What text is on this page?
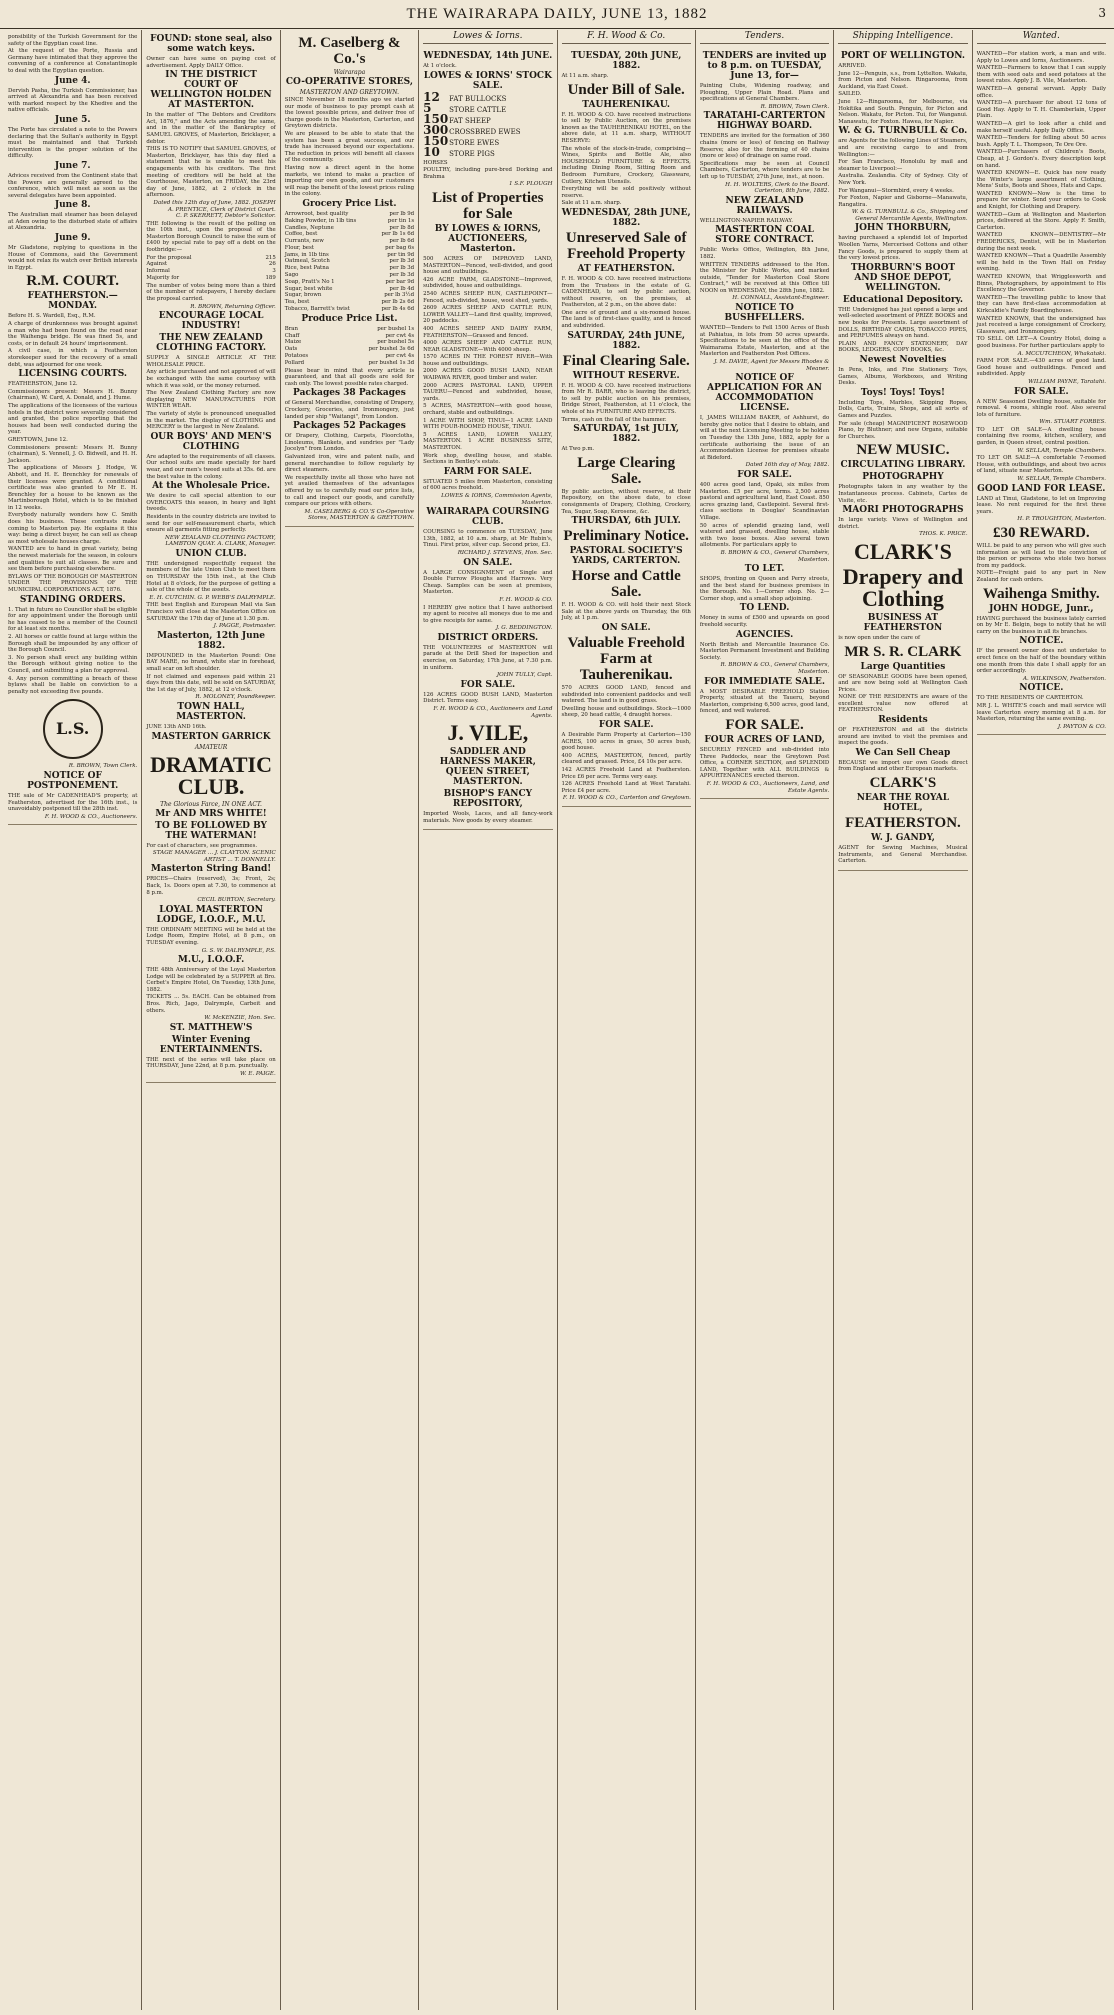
THE WAIRARAPA DAILY, JUNE 13, 1882	3
ponsibility of the Turkish Government for the safety of the Egyptian coast line.
At the request of the Porte, Russia and Germany have intimated that they approve the convening of a conference at Constantinople to deal with the Egyptian question.
June 4.
Dervish Pasha, the Turkish Commissioner, has arrived at Alexandria and has been received with marked respect by the Khedive and the native officials.
June 5.
The Porte has circulated a note to the Powers declaring that the Sultan's authority in Egypt must be maintained and that Turkish intervention is the proper solution of the difficulty.
June 7.
Advices received from the Continent state that the Powers are generally agreed to the conference, which will meet as soon as the several delegates have been appointed.
June 8.
The Australian mail steamer has been delayed at Aden owing to the disturbed state of affairs at Alexandria.
June 9.
Mr Gladstone, replying to questions in the House of Commons, said the Government would not relax its watch over British interests in Egypt.
R.M. COURT.
FEATHERSTON.—MONDAY.
Before H. S. Wardell, Esq., R.M.
A charge of drunkenness was brought against a man who had been found on the road near the Waihenga bridge. He was fined 5s, and costs, or in default 24 hours' imprisonment.
A civil case, in which a Featherston storekeeper sued for the recovery of a small debt, was adjourned for one week.
LICENSING COURTS.
FEATHERSTON, June 12.
Commissioners present: Messrs H. Bunny (chairman), W. Card, A. Donald, and J. Hume.
The applications of the licensees of the various hotels in the district were severally considered and granted, the police reporting that the houses had been well conducted during the year.
GREYTOWN, June 12.
Commissioners present: Messrs H. Bunny (chairman), S. Vennell, J. O. Bidwell, and H. H. Jackson.
The applications of Messrs J. Hodge, W. Abbott, and H. E. Brenchley for renewals of their licenses were granted. A conditional certificate was also granted to Mr E. H. Brenchley for a house to be known as the Martinborough Hotel, which is to be finished in 12 weeks.
Everybody naturally wonders how C. Smith does his business. These contrasts make coming to Masterton pay. He explains it this way: being a direct buyer, he can sell as cheap as most wholesale houses charge.
WANTED are to hand in great variety, being the newest materials for the season, in colours and qualities to suit all classes. Be sure and see them before purchasing elsewhere.
BYLAWS OF THE BOROUGH OF MASTERTON UNDER THE PROVISIONS OF THE MUNICIPAL CORPORATIONS ACT, 1876.
STANDING ORDERS.
1. That in future no Councillor shall be eligible for any appointment under the Borough until he has ceased to be a member of the Council for at least six months.
2. All horses or cattle found at large within the Borough shall be impounded by any officer of the Borough Council.
3. No person shall erect any building within the Borough without giving notice to the Council, and submitting a plan for approval.
4. Any person committing a breach of these bylaws shall be liable on conviction to a penalty not exceeding five pounds.
L.S.
R. BROWN, Town Clerk.
NOTICE OF POSTPONEMENT.
THE sale of Mr CADENHEAD'S property, at Featherston, advertised for the 16th inst., is unavoidably postponed till the 28th inst.
F. H. WOOD & CO., Auctioneers.
FOUND: stone seal, also some watch keys.
Owner can have same on paying cost of advertisement. Apply DAILY Office.
IN THE DISTRICT COURT OF WELLINGTON HOLDEN AT MASTERTON.
In the matter of "The Debtors and Creditors Act, 1876," and the Acts amending the same, and in the matter of the Bankruptcy of SAMUEL GROVES, of Masterton, Bricklayer, a debtor.
THIS IS TO NOTIFY that SAMUEL GROVES, of Masterton, Bricklayer, has this day filed a statement that he is unable to meet his engagements with his creditors. The first meeting of creditors will be held at the Courthouse, Masterton, on FRIDAY, the 23rd day of June, 1882, at 2 o'clock in the afternoon.
Dated this 12th day of June, 1882. JOSEPH A. PRENTICE, Clerk of District Court.
C. P. SKERRETT, Debtor's Solicitor.
THE following is the result of the polling on the 10th inst., upon the proposal of the Masterton Borough Council to raise the sum of £400 by special rate to pay off a debt on the footbridge:—
For the proposal	215
Against	26
Informal	3
Majority for	189
The number of votes being more than a third of the number of ratepayers, I hereby declare the proposal carried.
R. BROWN, Returning Officer.
ENCOURAGE LOCAL INDUSTRY!
THE NEW ZEALAND CLOTHING FACTORY.
SUPPLY A SINGLE ARTICLE AT THE WHOLESALE PRICE.
Any article purchased and not approved of will be exchanged with the same courtesy with which it was sold, or the money returned.
The New Zealand Clothing Factory are now displaying NEW MANUFACTURES FOR WINTER WEAR.
The variety of style is pronounced unequalled in the market. The display of CLOTHING and MERCERY is the largest in New Zealand.
OUR BOYS' AND MEN'S CLOTHING
Are adapted to the requirements of all classes. Our school suits are made specially for hard wear, and our men's tweed suits at 35s. 6d. are the best value in the colony.
At the Wholesale Price.
We desire to call special attention to our OVERCOATS this season, in heavy and light tweeds.
Residents in the country districts are invited to send for our self-measurement charts, which ensure all garments fitting perfectly.
NEW ZEALAND CLOTHING FACTORY, LAMBTON QUAY. A. CLARK, Manager.
UNION CLUB.
THE undersigned respectfully request the members of the late Union Club to meet them on THURSDAY the 15th inst., at the Club Hotel at 8 o'clock, for the purpose of getting a sale of the whole of the assets.
E. H. CUTCHIN. G. P. WEBB'S DALRYMPLE.
THE best English and European Mail via San Francisco will close at the Masterton Office on SATURDAY the 17th day of June at 1.30 p.m.
J. PAGGE, Postmaster.
Masterton, 12th June 1882.
IMPOUNDED in the Masterton Pound: One BAY MARE, no brand, white star in forehead, small scar on left shoulder.
If not claimed and expenses paid within 21 days from this date, will be sold on SATURDAY, the 1st day of July, 1882, at 12 o'clock.
R. MOLONEY, Poundkeeper.
TOWN HALL, MASTERTON.
JUNE 13th AND 16th.
MASTERTON GARRICK
AMATEUR
DRAMATIC CLUB.
The Glorious Farce, IN ONE ACT.
Mr AND MRS WHITE!
TO BE FOLLOWED BY THE WATERMAN!
For cast of characters, see programmes.
STAGE MANAGER ... J. CLAYTON. SCENIC ARTIST ... T. DONNELLY.
Masterton String Band!
PRICES—Chairs (reserved), 3s; Front, 2s; Back, 1s. Doors open at 7.30, to commence at 8 p.m.
CECIL BURTON, Secretary.
LOYAL MASTERTON LODGE, I.O.O.F., M.U.
THE ORDINARY MEETING will be held at the Lodge Room, Empire Hotel, at 8 p.m., on TUESDAY evening.
G. S. W. DALRYMPLE, P.S.
M.U., I.O.O.F.
THE 48th Anniversary of the Loyal Masterton Lodge will be celebrated by a SUPPER at Bro. Cerbet's Empire Hotel, On Tuesday, 13th June, 1882.
TICKETS ... 5s. EACH. Can be obtained from Bros. Rich, Jago, Dalrymple, Carbeit and others.
W. McKENZIE, Hon. Sec.
ST. MATTHEW'S
Winter Evening ENTERTAINMENTS.
THE next of the series will take place on THURSDAY, June 22nd, at 8 p.m. punctually.
W. E. PAIGE.
M. Caselberg & Co.'s
Wairarapa
CO-OPERATIVE STORES,
MASTERTON AND GREYTOWN.
SINCE November 18 months ago we started our mode of business to pay prompt cash at the lowest possible prices, and deliver free of charge goods in the Masterton, Carterton, and Greytown districts.
We are pleased to be able to state that the system has been a great success, and our trade has increased beyond our expectations. The reduction in prices will benefit all classes of the community.
Having now a direct agent in the home markets, we intend to make a practice of importing our own goods, and our customers will reap the benefit of the lowest prices ruling in the colony.
Grocery Price List.
Arrowroot, best quality	per lb 9d
Baking Powder, in 1lb tins	per tin 1s
Candles, Neptune	per lb 8d
Coffee, best	per lb 1s 6d
Currants, new	per lb 6d
Flour, best	per bag 6s
Jams, in 1lb tins	per tin 9d
Oatmeal, Scotch	per lb 3d
Rice, best Patna	per lb 3d
Sago	per lb 3d
Soap, Pratt's No 1	per bar 9d
Sugar, best white	per lb 4d
Sugar, brown	per lb 3½d
Tea, best	per lb 2s 6d
Tobacco, Barrett's twist	per lb 4s 6d
Produce Price List.
Bran	per bushel 1s
Chaff	per cwt 4s
Maize	per bushel 5s
Oats	per bushel 3s 6d
Potatoes	per cwt 4s
Pollard	per bushel 1s 3d
Please bear in mind that every article is guaranteed, and that all goods are sold for cash only. The lowest possible rates charged.
Packages 38 Packages
of General Merchandise, consisting of Drapery, Crockery, Groceries, and Ironmongery, just landed per ship "Waitangi", from London.
Packages 52 Packages
Of Drapery, Clothing, Carpets, Floorcloths, Linoleums, Blankets, and sundries per "Lady Jocelyn" from London.
Galvanized iron, wire and patent nails, and general merchandise to follow regularly by direct steamers.
We respectfully invite all those who have not yet availed themselves of the advantages offered by us to carefully read our price lists, to call and inspect our goods, and carefully compare our prices with others.
M. CASELBERG & CO.'S Co-Operative Stores, MASTERTON & GREYTOWN.
Lowes & Iorns.
WEDNESDAY, 14th JUNE.
At 1 o'clock.
LOWES & IORNS' STOCK SALE.
12 FAT BULLOCKS
5	STORE CATTLE
150FAT SHEEP
300CROSSBRED EWES
150STORE EWES
10 STORE PIGS
HORSES
POULTRY, including pure-bred Dorking and Brahma
1 S.F. PLOUGH
List of Properties for Sale
BY LOWES & IORNS, AUCTIONEERS, Masterton.
500 ACRES OF IMPROVED LAND, MASTERTON—Fenced, well-divided, and good house and outbuildings.
426 ACRE FARM, GLADSTONE—Improved, subdivided, house and outbuildings.
2540 ACRES SHEEP RUN, CASTLEPOINT—Fenced, sub-divided, house, wool shed, yards.
2609 ACRES SHEEP AND CATTLE RUN, LOWER VALLEY—Land first quality, improved, 20 paddocks.
400 ACRES SHEEP AND DAIRY FARM, FEATHERSTON—Grassed and fenced.
4000 ACRES SHEEP AND CATTLE RUN, NEAR GLADSTONE—With 4000 sheep.
1570 ACRES IN THE FOREST RIVER—With house and outbuildings.
2000 ACRES GOOD BUSH LAND, NEAR WAIPAWA RIVER, good timber and water.
2000 ACRES PASTORAL LAND, UPPER TAUERU—Fenced and subdivided, house, yards.
5 ACRES, MASTERTON—with good house, orchard, stable and outbuildings.
1 ACRE WITH SHOP, TINUI—1 ACRE LAND WITH FOUR-ROOMED HOUSE, TINUI.
5 ACRES LAND, LOWER VALLEY, MASTERTON. 1 ACRE BUSINESS SITE, MASTERTON.
Work shop, dwelling house, and stable. Sections in Bentley's estate.
FARM FOR SALE.
SITUATED 5 miles from Masterton, consisting of 600 acres freehold.
LOWES & IORNS, Commission Agents, Masterton.
WAIRARAPA COURSING CLUB.
COURSING to commence on TUESDAY, June 13th, 1882, at 10 a.m. sharp, at Mr Rubin's, Tinui. First prize, silver cup. Second prize, £3.
RICHARD J. STEVENS, Hon. Sec.
ON SALE.
A LARGE CONSIGNMENT of Single and Double Furrow Ploughs and Harrows. Very Cheap. Samples can be seen at premises, Masterton.
F. H. WOOD & CO.
I HEREBY give notice that I have authorised my agent to receive all moneys due to me and to give receipts for same.
J. G. BEDDINGTON.
DISTRICT ORDERS.
THE VOLUNTEERS of MASTERTON will parade at the Drill Shed for inspection and exercise, on Saturday, 17th June, at 7.30 p.m. in uniform.
JOHN TULLY, Capt.
FOR SALE.
126 ACRES GOOD BUSH LAND, Masterton District. Terms easy.
F. H. WOOD & CO., Auctioneers and Land Agents.
J. VILE,
SADDLER AND HARNESS MAKER, QUEEN STREET, MASTERTON.
BISHOP'S FANCY REPOSITORY,
Imported Wools, Laces, and all fancy-work materials. New goods by every steamer.
F. H. Wood & Co.
TUESDAY, 20th JUNE, 1882.
At 11 a.m. sharp.
Under Bill of Sale.
TAUHERENIKAU.
F. H. WOOD & CO. have received instructions to sell by Public Auction, on the premises known as the TAUHERENIKAU HOTEL, on the above date, at 11 a.m. sharp, WITHOUT RESERVE:
The whole of the stock-in-trade, comprising—Wines, Spirits and Bottle Ale, also HOUSEHOLD FURNITURE & EFFECTS, including Dining Room, Sitting Room and Bedroom Furniture, Crockery, Glassware, Cutlery, Kitchen Utensils.
Everything will be sold positively without reserve.
Sale at 11 a.m. sharp.
WEDNESDAY, 28th JUNE, 1882.
Unreserved Sale of Freehold Property
AT FEATHERSTON.
F. H. WOOD & CO. have received instructions from the Trustees in the estate of G. CADENHEAD, to sell by public auction, without reserve, on the premises, at Featherston, at 2 p.m., on the above date:
One acre of ground and a six-roomed house. The land is of first-class quality, and is fenced and subdivided.
SATURDAY, 24th JUNE, 1882.
Final Clearing Sale.
WITHOUT RESERVE.
F. H. WOOD & CO. have received instructions from Mr R. BARR, who is leaving the district, to sell by public auction on his premises, Bridge Street, Featherston, at 11 o'clock, the whole of his FURNITURE AND EFFECTS.
Terms, cash on the fall of the hammer.
SATURDAY, 1st JULY, 1882.
At Two p.m.
Large Clearing Sale.
By public auction, without reserve, at their Repository, on the above date, to close consignments of Drapery, Clothing, Crockery, Tea, Sugar, Soap, Kerosene, &c.
THURSDAY, 6th JULY.
Preliminary Notice.
PASTORAL SOCIETY'S YARDS, CARTERTON.
Horse and Cattle Sale.
F. H. WOOD & CO. will hold their next Stock Sale at the above yards on Thursday, the 6th July, at 1 p.m.
ON SALE.
Valuable Freehold Farm at Tauherenikau.
570 ACRES GOOD LAND, fenced and subdivided into convenient paddocks and well watered. The land is in good grass.
Dwelling house and outbuildings. Stock—1000 sheep, 20 head cattle, 4 draught horses.
FOR SALE.
A Desirable Farm Property at Carterton—150 ACRES, 100 acres in grass, 50 acres bush, good house.
400 ACRES, MASTERTON, fenced, partly cleared and grassed. Price, £4 10s per acre.
142 ACRES Freehold Land at Featherston. Price £6 per acre. Terms very easy.
126 ACRES Freehold Land at West Taratahi. Price £4 per acre.
F. H. WOOD & CO., Carterton and Greytown.
Tenders.
TENDERS are invited up to 8 p.m. on TUESDAY, June 13, for—
Painting Clubs, Widening roadway, and Ploughing, Upper Plain Road. Plans and specifications at General Chambers.
R. BROWN, Town Clerk.
TARATAHI-CARTERTON HIGHWAY BOARD.
TENDERS are invited for the formation of 360 chains (more or less) of fencing on Railway Reserve; also for the forming of 40 chains (more or less) of drainage on same road.
Specifications may be seen at Council Chambers, Carterton, where tenders are to be left up to TUESDAY, 27th June, inst., at noon.
H. H. WOLTERS, Clerk to the Board. Carterton, 8th June, 1882.
NEW ZEALAND RAILWAYS.
WELLINGTON-NAPIER RAILWAY.
MASTERTON COAL STORE CONTRACT.
Public Works Office, Wellington, 8th June, 1882.
WRITTEN TENDERS addressed to the Hon. the Minister for Public Works, and marked outside, "Tender for Masterton Coal Store Contract," will be received at this Office till NOON on WEDNESDAY, the 28th June, 1882.
H. CONNALL, Assistant-Engineer.
NOTICE TO BUSHFELLERS.
WANTED—Tenders to Fell 1500 Acres of Bush at Pahiatua, in lots from 50 acres upwards. Specifications to be seen at the office of the Waimarama Estate, Masterton, and at the Masterton and Featherston Post Offices.
J. M. DAVIE, Agent for Messrs Rhodes & Meaner.
NOTICE OF APPLICATION FOR AN ACCOMMODATION LICENSE.
I, JAMES WILLIAM BAKER, of Ashhurst, do hereby give notice that I desire to obtain, and will at the next Licensing Meeting to be holden on Tuesday the 13th June, 1882, apply for a certificate authorising the issue of an Accommodation License for premises situate at Bideford.
Dated 16th day of May, 1882.
FOR SALE.
400 acres good land, Opaki, six miles from Masterton. £5 per acre, terms. 2,500 acres pastoral and agricultural land, East Coast. 850 acres grazing land, Castlepoint. Several first-class sections in Douglas' Scandinavian Village.
50 acres of splendid grazing land, well watered and grassed, dwelling house, stable with two loose boxes. Also several town allotments. For particulars apply to
B. BROWN & CO., General Chambers, Masterton.
TO LET.
SHOPS, fronting on Queen and Perry streets, and the best stand for business premises in the Borough. No. 1—Corner shop. No. 2—Corner shop, and a small shop adjoining.
TO LEND.
Money in sums of £500 and upwards on good freehold security.
AGENCIES.
North British and Mercantile Insurance Co. Masterton Permanent Investment and Building Society.
R. BROWN & CO., General Chambers, Masterton.
FOR IMMEDIATE SALE.
A MOST DESIRABLE FREEHOLD Station Property, situated at the Taueru, beyond Masterton, comprising 6,500 acres, good land, fenced, and well watered.
FOR SALE.
FOUR ACRES OF LAND,
SECURELY FENCED and sub-divided into Three Paddocks, near the Greytown Post Office, a CORNER SECTION, and SPLENDID LAND, Together with ALL BUILDINGS & APPURTENANCES erected thereon.
F. H. WOOD & CO., Auctioneers, Land, and Estate Agents.
Shipping Intelligence.
PORT OF WELLINGTON.
ARRIVED.
June 12—Penguin, s.s., from Lyttelton. Wakatu, from Picton and Nelson. Ringarooma, from Auckland, via East Coast.
SAILED.
June 12—Ringarooma, for Melbourne, via Hokitika and South. Penguin, for Picton and Nelson. Wakatu, for Picton. Tui, for Wanganui. Manawatu, for Foxton. Hawea, for Napier.
W. & G. TURNBULL & Co.
are Agents for the following Lines of Steamers, and are receiving cargo to and from Wellington:—
For San Francisco, Honolulu by mail and steamer to Liverpool:—
Australia. Zealandia. City of Sydney. City of New York.
For Wanganui—Stormbird, every 4 weeks.
For Foxton, Napier and Gisborne—Manawatu, Rangatira.
W. & G. TURNBULL & Co., Shipping and General Mercantile Agents, Wellington.
JOHN THORBURN,
having purchased a splendid lot of Imported Woollen Yarns, Mercerised Cottons and other Fancy Goods, is prepared to supply them at the very lowest prices.
THORBURN'S BOOT AND SHOE DEPOT, WELLINGTON.
Educational Depository.
THE Undersigned has just opened a large and well-selected assortment of PRIZE BOOKS and new books for Presents. Large assortment of DOLLS, BIRTHDAY CARDS, TOBACCO PIPES, and PERFUMES always on hand.
PLAIN AND FANCY STATIONERY, DAY BOOKS, LEDGERS, COPY BOOKS, &c.
Newest Novelties
In Pens, Inks, and Fine Stationery. Toys, Games, Albums, Workboxes, and Writing Desks.
Toys! Toys! Toys!
Including Tops, Marbles, Skipping Ropes, Dolls, Carts, Trains, Shops, and all sorts of Games and Puzzles.
For sale (cheap) MAGNIFICENT ROSEWOOD Piano, by Bluthner; and new Organs, suitable for Churches.
NEW MUSIC.
CIRCULATING LIBRARY.
PHOTOGRAPHY
Photographs taken in any weather by the Instantaneous process. Cabinets, Cartes de Visite, etc.
MAORI PHOTOGRAPHS
In large variety. Views of Wellington and district.
THOS. K. PRICE.
CLARK'S
Drapery and Clothing
BUSINESS AT FEATHERSTON
is now open under the care of
MR S. R. CLARK
Large Quantities
OF SEASONABLE GOODS have been opened, and are now being sold at Wellington Cash Prices.
NONE OF THE RESIDENTS are aware of the excellent value now offered at FEATHERSTON.
Residents
OF FEATHERSTON and all the districts around are invited to visit the premises and inspect the goods.
We Can Sell Cheap
BECAUSE we import our own Goods direct from England and other European markets.
CLARK'S
NEAR THE ROYAL HOTEL,
FEATHERSTON.
W. J. GANDY,
AGENT for Sewing Machines, Musical Instruments, and General Merchandise. Carterton.
Wanted.
WANTED—For station work, a man and wife. Apply to Lowes and Iorns, Auctioneers.
WANTED—Farmers to know that I can supply them with seed oats and seed potatoes at the lowest rates. Apply J. B. Vile, Masterton.
WANTED—A general servant. Apply Daily office.
WANTED—A purchaser for about 12 tons of Good Hay. Apply to T. H. Chamberlain, Upper Plain.
WANTED—A girl to look after a child and make herself useful. Apply Daily Office.
WANTED—Tenders for felling about 50 acres bush. Apply T. L. Thompson, Te Ore Ore.
WANTED—Purchasers of Children's Boots, Cheap, at J. Gordon's. Every description kept on hand.
WANTED KNOWN—E. Quick has now ready the Winter's large assortment of Clothing, Mens' Suits, Boots and Shoes, Hats and Caps.
WANTED KNOWN—Now is the time to prepare for winter. Send your orders to Cook and Knight, for Clothing and Drapery.
WANTED—Gum at Wellington and Masterton prices, delivered at the Store. Apply F. Smith, Carterton.
WANTED KNOWN—DENTISTRY—Mr FREDERICKS, Dentist, will be in Masterton during the next week.
WANTED KNOWN—That a Quadrille Assembly will be held in the Town Hall on Friday evening.
WANTED KNOWN, that Wrigglesworth and Binns, Photographers, by appointment to His Excellency the Governor.
WANTED—The travelling public to know that they can have first-class accommodation at Kirkcaldie's Family Boardinghouse.
WANTED KNOWN, that the undersigned has just received a large consignment of Crockery, Glassware, and Ironmongery.
TO SELL OR LET—A Country Hotel, doing a good business. For further particulars apply to
A. MCCUTCHEON, Whakataki.
FARM FOR SALE.—430 acres of good land. Good house and outbuildings. Fenced and subdivided. Apply
WILLIAM PAYNE, Taratahi.
FOR SALE.
A NEW Seasoned Dwelling house, suitable for removal. 4 rooms, shingle roof. Also several lots of furniture.
Wm. STUART FORBES.
TO LET OR SALE—A dwelling house containing five rooms, kitchen, scullery, and garden, in Queen street, central position.
W. SELLAR, Temple Chambers.
TO LET OR SALE—A comfortable 7-roomed House, with outbuildings, and about two acres of land, situate near Masterton.
W. SELLAR, Temple Chambers.
GOOD LAND FOR LEASE.
LAND at Tinui, Gladstone, to let on Improving lease. No rent required for the first three years.
H. P. TROUGHTON, Masterton.
£30 REWARD.
WILL be paid to any person who will give such information as will lead to the conviction of the person or persons who stole two horses from my paddock.
NOTE—Freight paid to any part in New Zealand for cash orders.
Waihenga Smithy.
JOHN HODGE, Junr.,
HAVING purchased the business lately carried on by Mr E. Belgin, begs to notify that he will carry on the business in all its branches.
NOTICE.
IF the present owner does not undertake to erect fence on the half of the boundary within one month from this date I shall apply for an order accordingly.
A. WILKINSON, Featherston.
NOTICE.
TO THE RESIDENTS OF CARTERTON.
MR J. L. WHITE'S coach and mail service will leave Carterton every morning at 8 a.m. for Masterton, returning the same evening.
J. PAYTON & CO.
